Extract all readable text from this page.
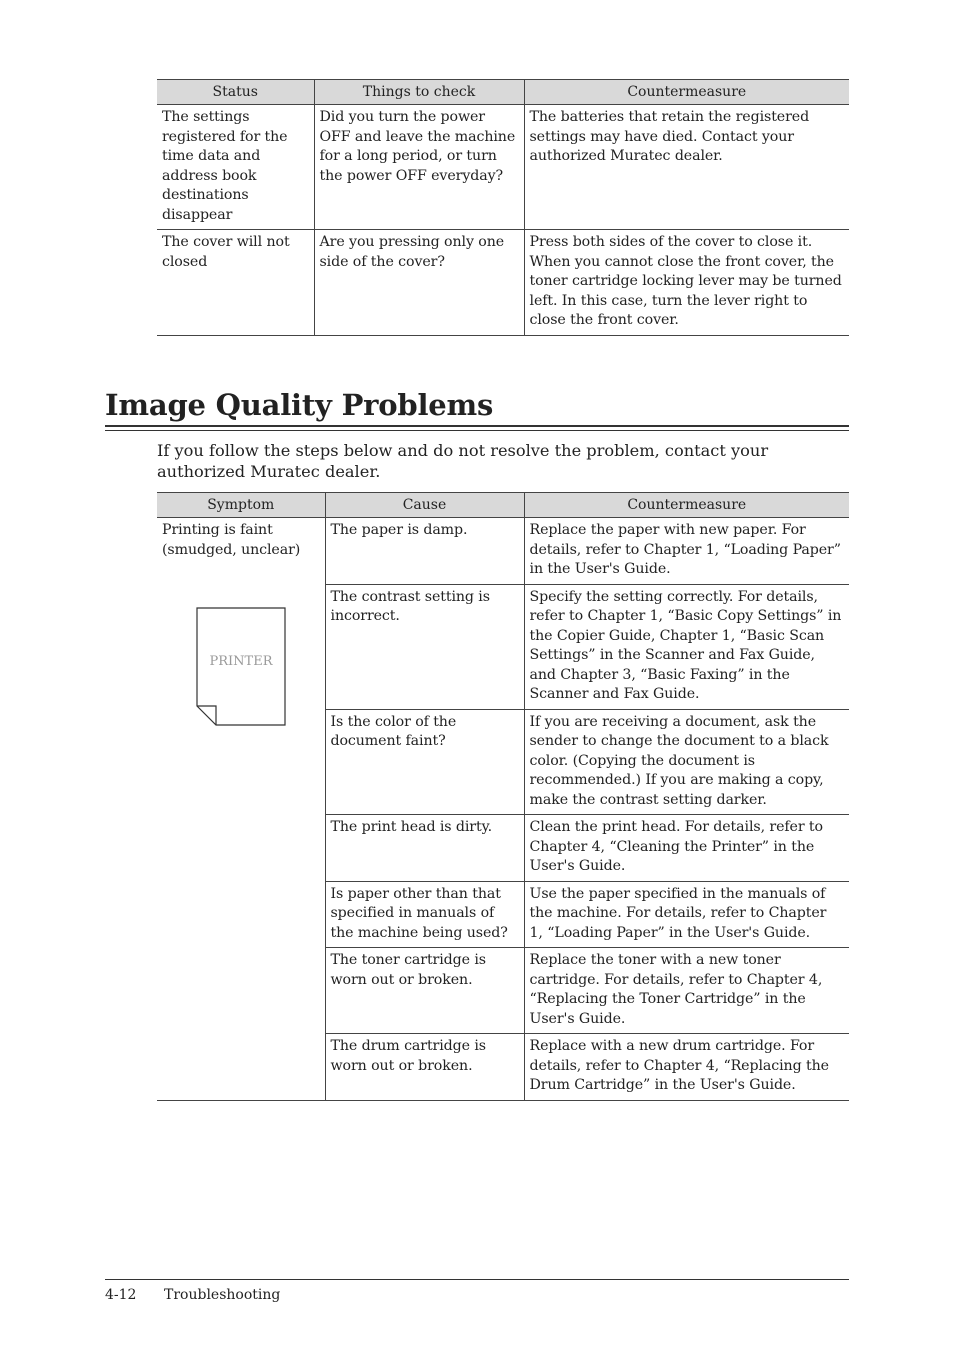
Status	Things to check	Countermeasure
The settings registered for the time data and address book destinations disappear	Did you turn the power OFF and leave the machine for a long period, or turn the power OFF everyday?	The batteries that retain the registered settings may have died. Contact your authorized Muratec dealer.
The cover will not closed	Are you pressing only one side of the cover?	Press both sides of the cover to close it. When you cannot close the front cover, the toner cartridge locking lever may be turned left. In this case, turn the lever right to close the front cover.
Image Quality Problems

If you follow the steps below and do not resolve the problem, contact your authorized Muratec dealer.

Symptom	Cause	Countermeasure
Printing is faint (smudged, unclear)	The paper is damp.	Replace the paper with new paper. For details, refer to Chapter 1, “Loading Paper” in the User's Guide.
	The contrast setting is incorrect.	Specify the setting correctly. For details, refer to Chapter 1, “Basic Copy Settings” in the Copier Guide, Chapter 1, “Basic Scan Settings” in the Scanner and Fax Guide, and Chapter 3, “Basic Faxing” in the Scanner and Fax Guide.
	Is the color of the document faint?	If you are receiving a document, ask the sender to change the document to a black color. (Copying the document is recommended.) If you are making a copy, make the contrast setting darker.
	The print head is dirty.	Clean the print head. For details, refer to Chapter 4, “Cleaning the Printer” in the User's Guide.
	Is paper other than that specified in manuals of the machine being used?	Use the paper specified in the manuals of the machine. For details, refer to Chapter 1, “Loading Paper” in the User's Guide.
	The toner cartridge is worn out or broken.	Replace the toner with a new toner cartridge. For details, refer to Chapter 4, “Replacing the Toner Cartridge” in the User's Guide.
	The drum cartridge is worn out or broken.	Replace with a new drum cartridge. For details, refer to Chapter 4, “Replacing the Drum Cartridge” in the User's Guide.
PRINTER
4-12 Troubleshooting
